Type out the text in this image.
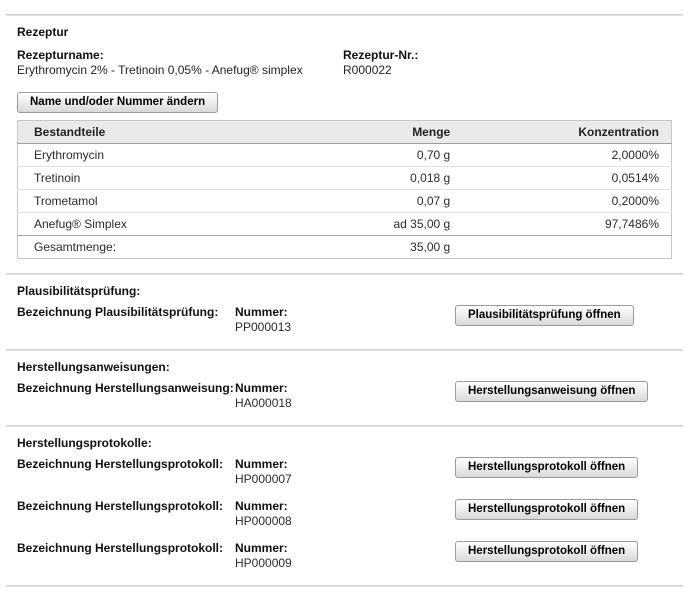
Rezeptur
Rezepturname:
Erythromycin 2% - Tretinoin 0,05% - Anefug® simplex
Rezeptur-Nr.:
R000022
Name und/oder Nummer ändern
Bestandteile	Menge	Konzentration
Erythromycin	0,70 g	2,0000%
Tretinoin	0,018 g	0,0514%
Trometamol	0,07 g	0,2000%
Anefug® Simplex	ad 35,00 g	97,7486%
Gesamtmenge:	35,00 g	
Plausibilitätsprüfung:
Bezeichnung Plausibilitätsprüfung:	Nummer:
PP000013
Plausibilitätsprüfung öffnen
Herstellungsanweisungen:
Bezeichnung Herstellungsanweisung: Nummer:
HA000018
Herstellungsanweisung öffnen
Herstellungsprotokolle:
Bezeichnung Herstellungsprotokoll: Nummer:
HP000007
Herstellungsprotokoll öffnen
Bezeichnung Herstellungsprotokoll: Nummer:
HP000008
Herstellungsprotokoll öffnen
Bezeichnung Herstellungsprotokoll: Nummer:
HP000009
Herstellungsprotokoll öffnen
